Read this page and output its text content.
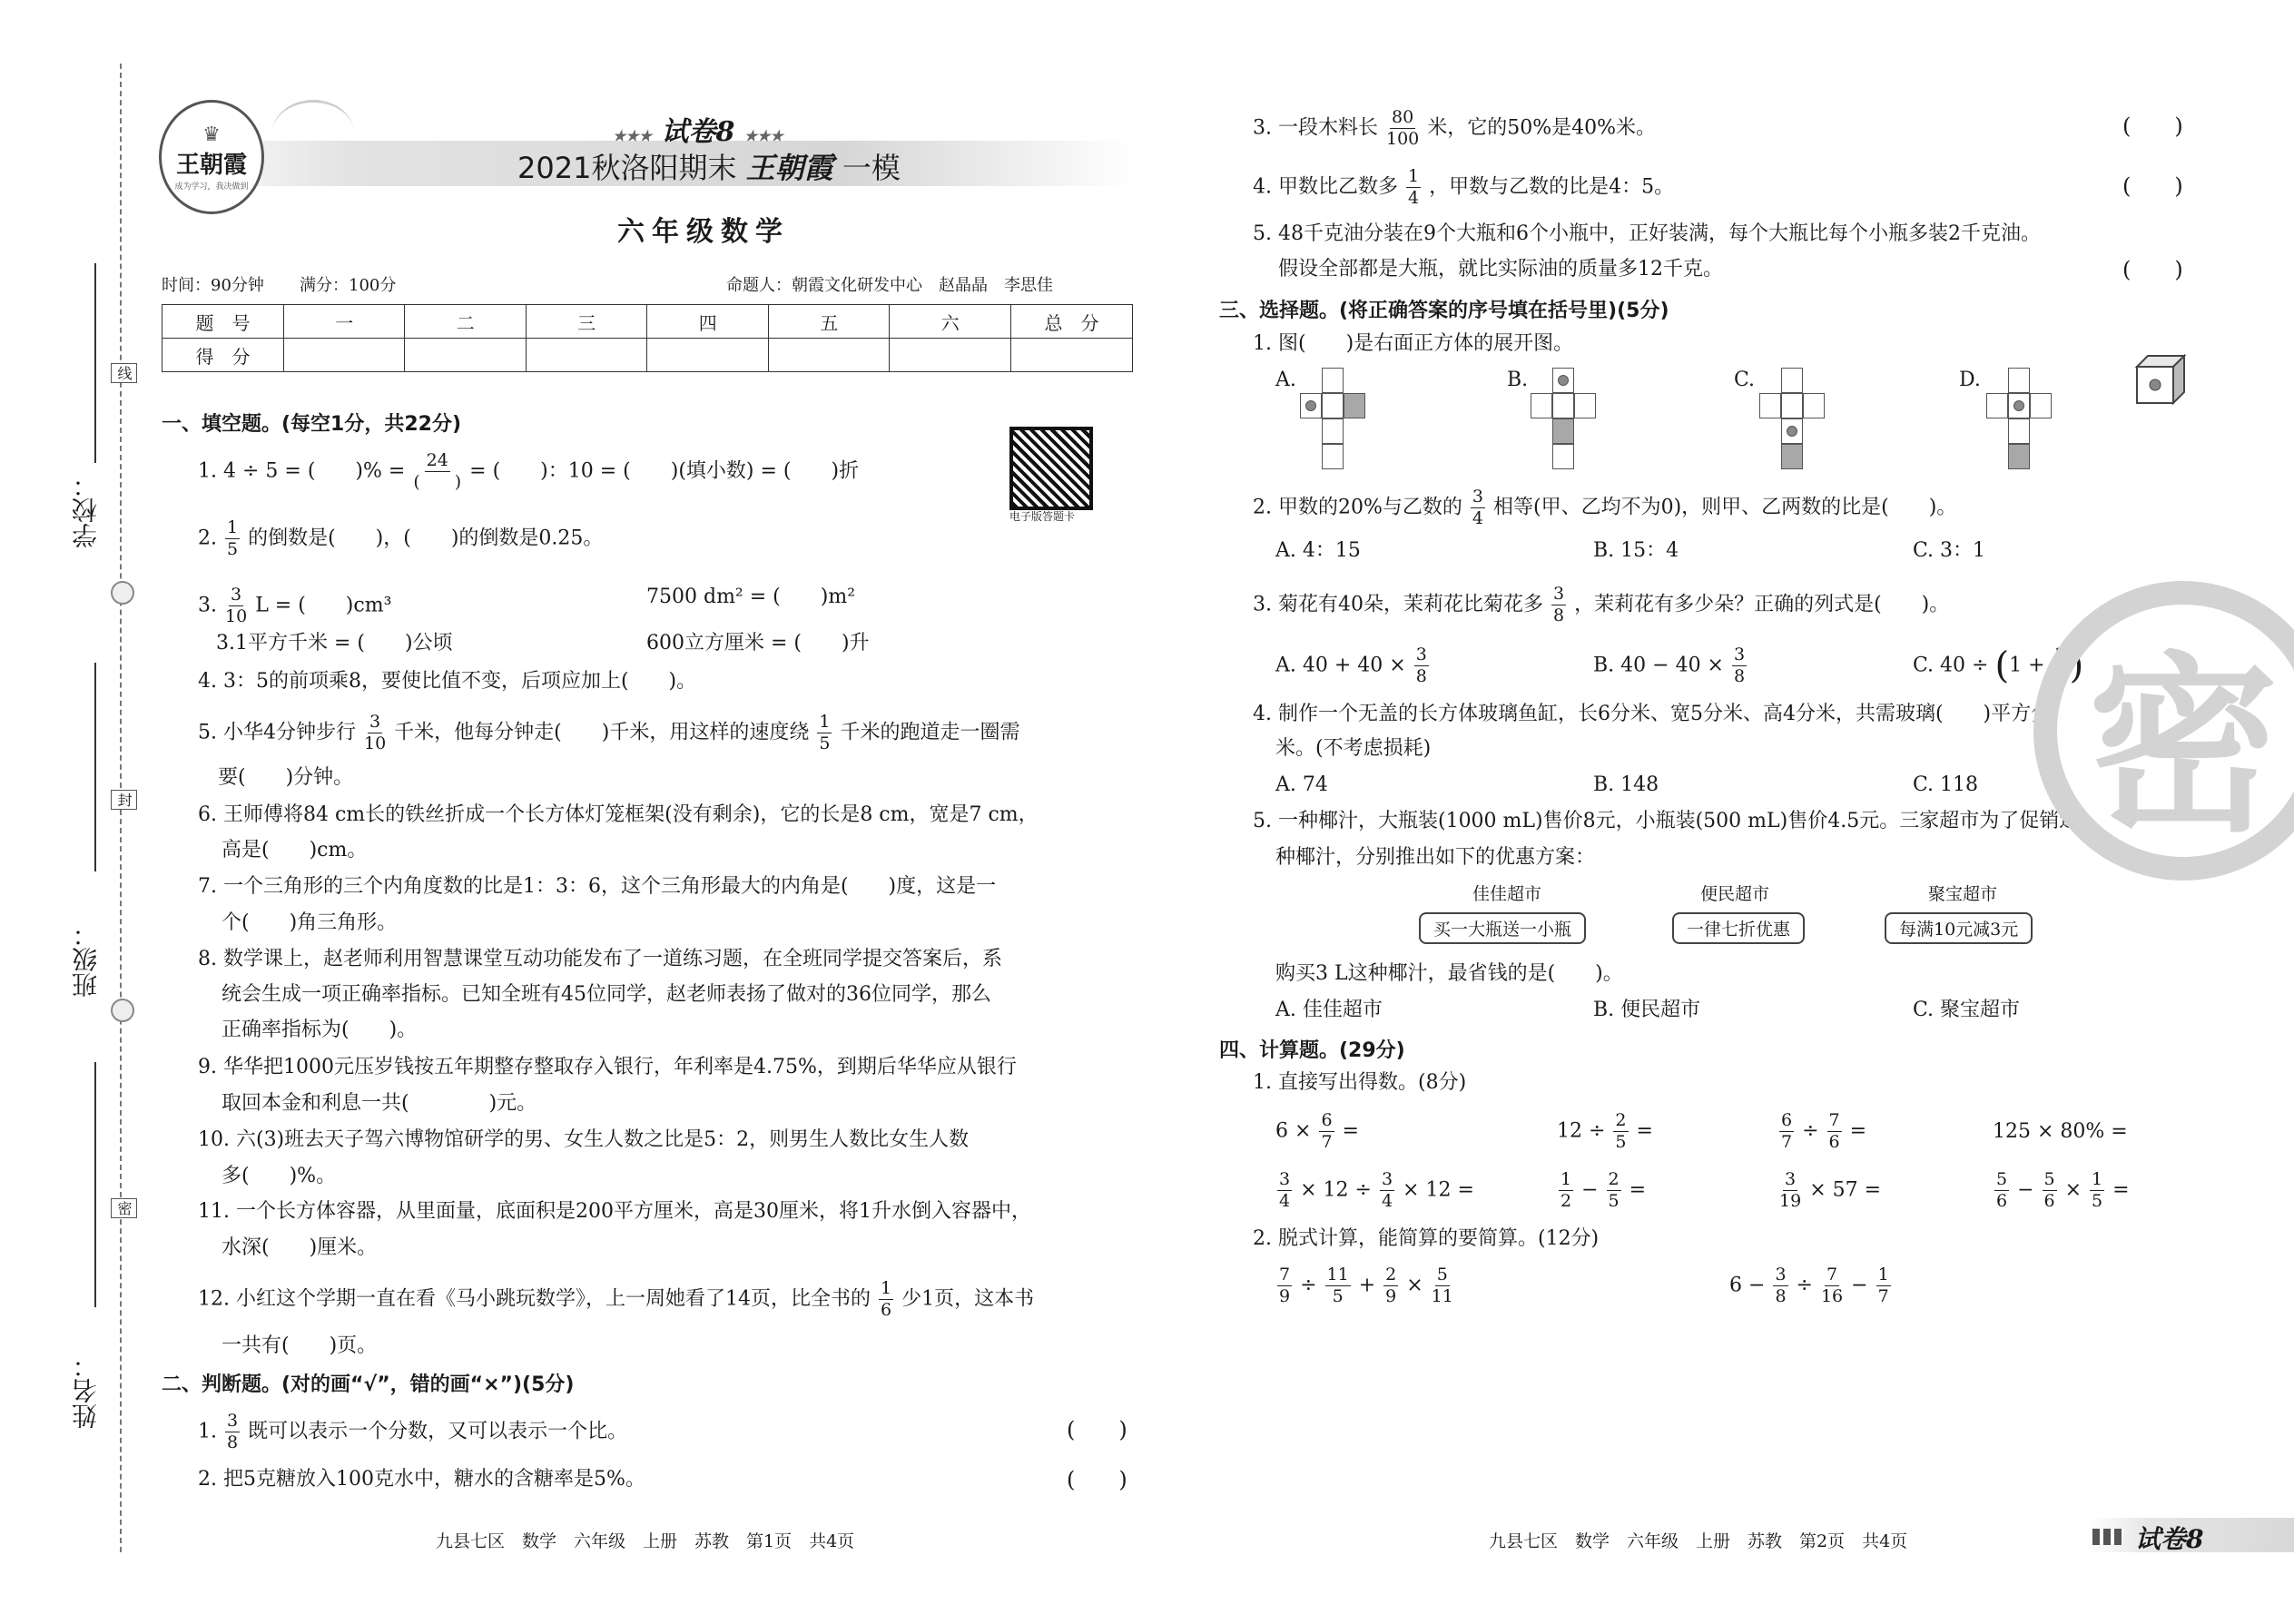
学校：
班级：
姓名：
线
封
密
♛
王朝霞
成为学习，我决做到
★★★ 试卷8 ★★★
2021秋洛阳期末 王朝霞 一模
六年级数学
时间：90分钟 满分：100分	命题人：朝霞文化研发中心　赵晶晶　李思佳
题　号	一	二	三	四	五	六	总　分
得　分							
电子版答题卡
一、填空题。(每空1分，共22分)
1. 4 ÷ 5 = (　　)% = $\frac{24}{( )}$ = (　　)：10 = (　　)(填小数) = (　　)折
2. $\frac{1}{5}$ 的倒数是(　　)，(　　)的倒数是0.25。
3. $\frac{3}{10}$ L = (　　)cm³	7500 dm² = (　　)m²
3.1平方千米 = (　　)公顷	600立方厘米 = (　　)升
4. 3：5的前项乘8，要使比值不变，后项应加上(　　)。
5. 小华4分钟步行 $\frac{3}{10}$ 千米，他每分钟走(　　)千米，用这样的速度绕 $\frac{1}{5}$ 千米的跑道走一圈需
要(　　)分钟。
6. 王师傅将84 cm长的铁丝折成一个长方体灯笼框架(没有剩余)，它的长是8 cm，宽是7 cm，
高是(　　)cm。
7. 一个三角形的三个内角度数的比是1：3：6，这个三角形最大的内角是(　　)度，这是一
个(　　)角三角形。
8. 数学课上，赵老师利用智慧课堂互动功能发布了一道练习题，在全班同学提交答案后，系
统会生成一项正确率指标。已知全班有45位同学，赵老师表扬了做对的36位同学，那么
正确率指标为(　　)。
9. 华华把1000元压岁钱按五年期整存整取存入银行，年利率是4.75%，到期后华华应从银行
取回本金和利息一共(　　　　)元。
10. 六(3)班去天子驾六博物馆研学的男、女生人数之比是5：2，则男生人数比女生人数
多(　　)%。
11. 一个长方体容器，从里面量，底面积是200平方厘米，高是30厘米，将1升水倒入容器中，
水深(　　)厘米。
12. 小红这个学期一直在看《马小跳玩数学》，上一周她看了14页，比全书的 $\frac{1}{6}$ 少1页，这本书
一共有(　　)页。
二、判断题。(对的画“√”，错的画“×”)(5分)
1. $\frac{3}{8}$ 既可以表示一个分数，又可以表示一个比。	(　　)
2. 把5克糖放入100克水中，糖水的含糖率是5%。	(　　)
3. 一段木料长 $\frac{80}{100}$ 米，它的50%是40%米。	(　　)
4. 甲数比乙数多 $\frac{1}{4}$ ，甲数与乙数的比是4：5。	(　　)
5. 48千克油分装在9个大瓶和6个小瓶中，正好装满，每个大瓶比每个小瓶多装2千克油。
假设全部都是大瓶，就比实际油的质量多12千克。	(　　)
三、选择题。(将正确答案的序号填在括号里)(5分)
1. 图(　　)是右面正方体的展开图。
A.	B.	C.	D.
2. 甲数的20%与乙数的 $\frac{3}{4}$ 相等(甲、乙均不为0)，则甲、乙两数的比是(　　)。
A. 4：15	B. 15：4	C. 3：1
3. 菊花有40朵，茉莉花比菊花多 $\frac{3}{8}$ ，茉莉花有多少朵？正确的列式是(　　)。
A. $40 + 40 \times \frac{3}{8}$	B. $40 - 40 \times \frac{3}{8}$	C. $40 \div (1 + \frac{3}{8}$ )
4. 制作一个无盖的长方体玻璃鱼缸，长6分米、宽5分米、高4分米，共需玻璃(　　)平方分
米。(不考虑损耗)
A. 74	B. 148	C. 118
5. 一种椰汁，大瓶装(1000 mL)售价8元，小瓶装(500 mL)售价4.5元。三家超市为了促销这
种椰汁，分别推出如下的优惠方案：
佳佳超市	便民超市	聚宝超市
买一大瓶送一小瓶	一律七折优惠	每满10元减3元
购买3 L这种椰汁，最省钱的是(　　)。
A. 佳佳超市	B. 便民超市	C. 聚宝超市
四、计算题。(29分)
1. 直接写出得数。(8分)
$6 \times \frac{6}{7}$ =	$12 \div \frac{2}{5}$ =	$\frac{6}{7} \div \frac{7}{6}$ =	125 × 80% =
$\frac{3}{4} \times 12 \div \frac{3}{4} \times 12$ =	$\frac{1}{2} - \frac{2}{5}$ =	$\frac{3}{19} \times 57$ =	$\frac{5}{6} - \frac{5}{6} \times \frac{1}{5}$ =
2. 脱式计算，能简算的要简算。(12分)
$\frac{7}{9} \div \frac{11}{5} + \frac{2}{9} \times \frac{5}{11}$	$6 - \frac{3}{8} \div \frac{7}{16} - \frac{1}{7}$
密
九县七区　数学　六年级　上册　苏教　第1页　共4页	九县七区　数学　六年级　上册　苏教　第2页　共4页	试卷8
